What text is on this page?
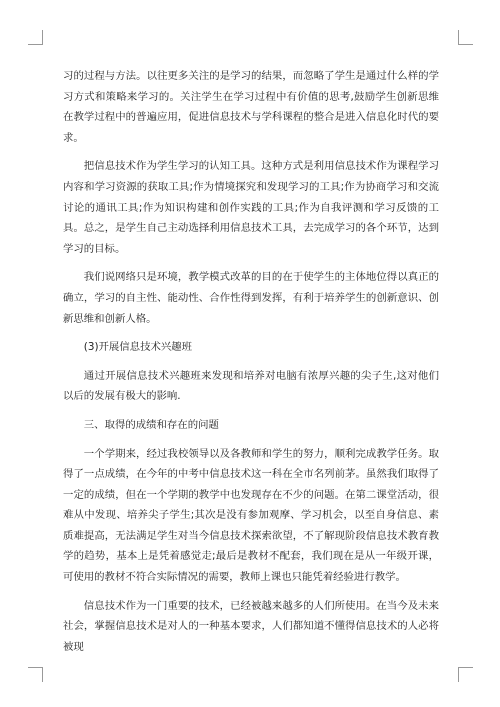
习的过程与方法。以往更多关注的是学习的结果，而忽略了学生是通过什么样的学习方式和策略来学习的。关注学生在学习过程中有价值的思考,鼓励学生创新思维在教学过程中的普遍应用，促进信息技术与学科课程的整合是进入信息化时代的要求。

把信息技术作为学生学习的认知工具。这种方式是利用信息技术作为课程学习内容和学习资源的获取工具;作为情境探究和发现学习的工具;作为协商学习和交流讨论的通讯工具;作为知识构建和创作实践的工具;作为自我评测和学习反馈的工具。总之，是学生自己主动选择利用信息技术工具，去完成学习的各个环节，达到学习的目标。

我们说网络只是环境，教学模式改革的目的在于使学生的主体地位得以真正的确立，学习的自主性、能动性、合作性得到发挥，有利于培养学生的创新意识、创新思维和创新人格。

(3)开展信息技术兴趣班

通过开展信息技术兴趣班来发现和培养对电脑有浓厚兴趣的尖子生,这对他们以后的发展有极大的影响.

三、取得的成绩和存在的问题

一个学期来，经过我校领导以及各教师和学生的努力，顺利完成教学任务。取得了一点成绩，在今年的中考中信息技术这一科在全市名列前茅。虽然我们取得了一定的成绩，但在一个学期的教学中也发现存在不少的问题。在第二课堂活动，很难从中发现、培养尖子学生;其次是没有参加观摩、学习机会，以至自身信息、素质难提高，无法满足学生对当今信息技术探索欲望，不了解现阶段信息技术教育教学的趋势，基本上是凭着感觉走;最后是教材不配套，我们现在是从一年级开课，可使用的教材不符合实际情况的需要，教师上课也只能凭着经验进行教学。

信息技术作为一门重要的技术，已经被越来越多的人们所使用。在当今及未来社会，掌握信息技术是对人的一种基本要求，人们都知道不懂得信息技术的人必将被现
